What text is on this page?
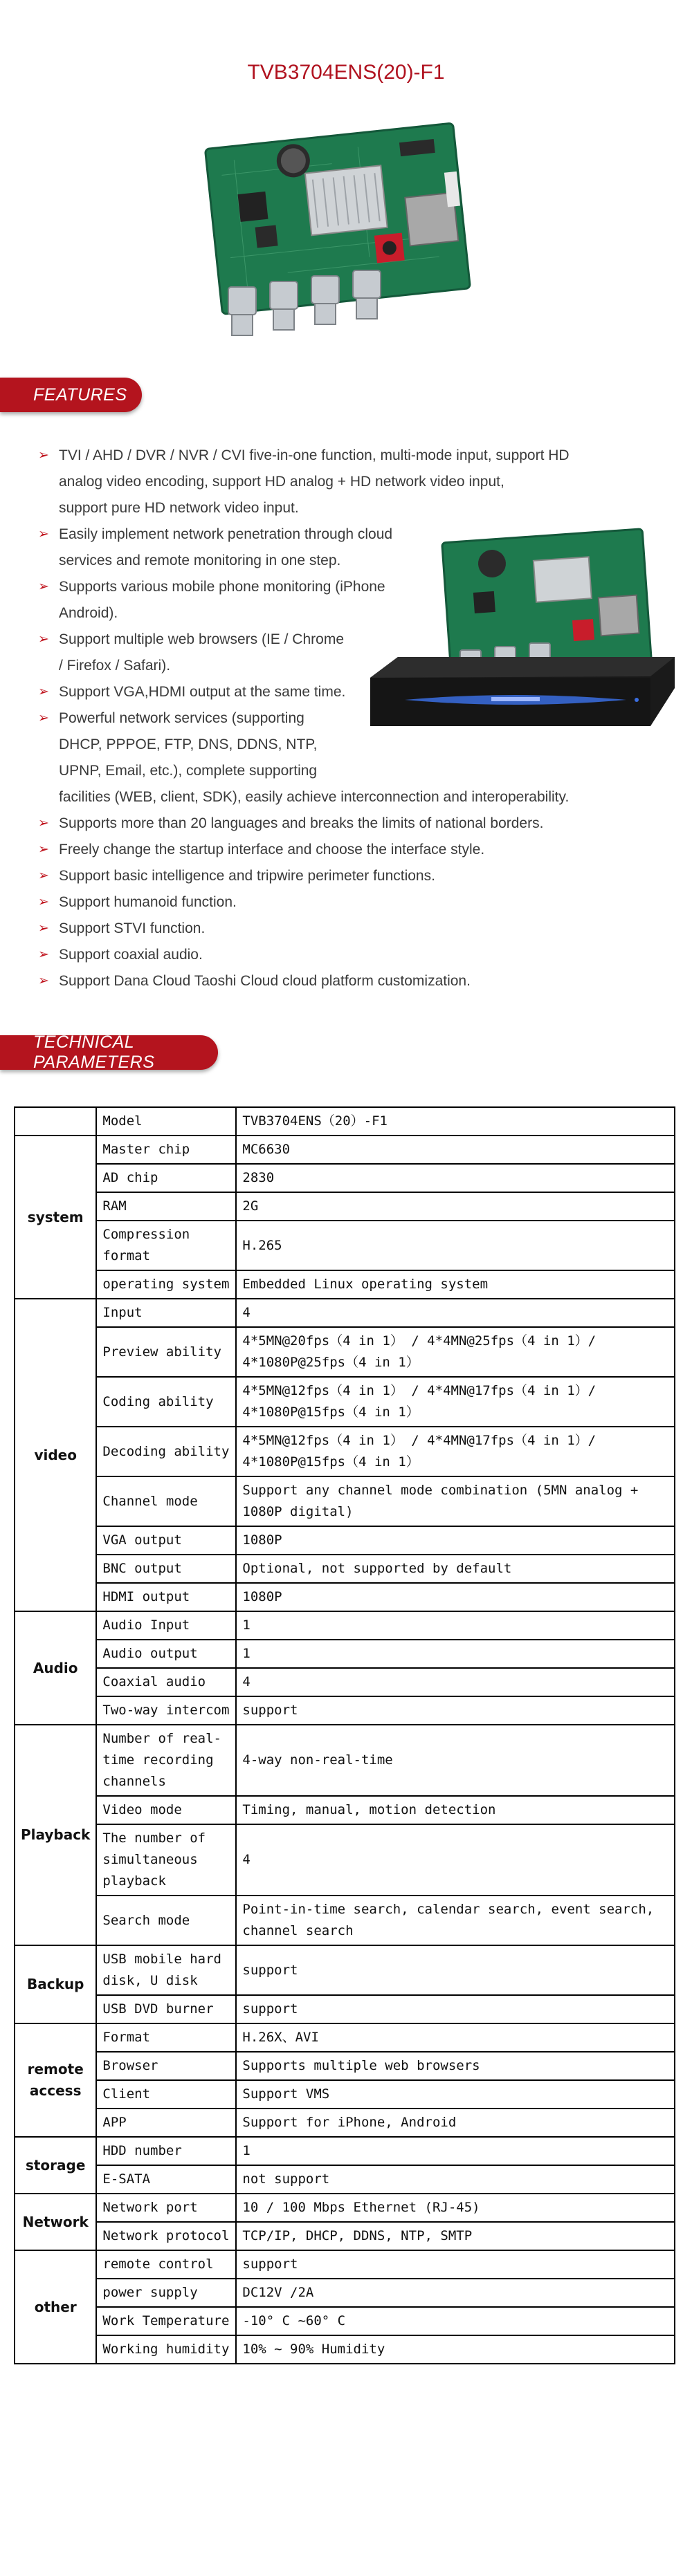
TVB3704ENS(20)-F1
FEATURES
➢ TVI / AHD / DVR / NVR / CVI five-in-one function, multi-mode input, support HD
analog video encoding, support HD analog + HD network video input,
support pure HD network video input.
➢ Easily implement network penetration through cloud
services and remote monitoring in one step.
➢ Supports various mobile phone monitoring (iPhone
Android).
➢ Support multiple web browsers (IE / Chrome
/ Firefox / Safari).
➢ Support VGA,HDMI output at the same time.
➢ Powerful network services (supporting
DHCP, PPPOE, FTP, DNS, DDNS, NTP,
UPNP, Email, etc.), complete supporting
facilities (WEB, client, SDK), easily achieve interconnection and interoperability.
➢ Supports more than 20 languages and breaks the limits of national borders.
➢ Freely change the startup interface and choose the interface style.
➢ Support basic intelligence and tripwire perimeter functions.
➢ Support humanoid function.
➢ Support STVI function.
➢ Support coaxial audio.
➢ Support Dana Cloud Taoshi Cloud cloud platform customization.
TECHNICAL PARAMETERS
	Model	TVB3704ENS（20）-F1
system	Master chip	MC6630
	AD chip	2830
	RAM	2G
	Compression format	H.265
	operating system	Embedded Linux operating system
video	Input	4
	Preview ability	4*5MN@20fps（4 in 1） / 4*4MN@25fps（4 in 1）/ 4*1080P@25fps（4 in 1）
	Coding ability	4*5MN@12fps（4 in 1） / 4*4MN@17fps（4 in 1）/ 4*1080P@15fps（4 in 1）
	Decoding ability	4*5MN@12fps（4 in 1） / 4*4MN@17fps（4 in 1）/ 4*1080P@15fps（4 in 1）
	Channel mode	Support any channel mode combination (5MN analog + 1080P digital)
	VGA output	1080P
	BNC output	Optional, not supported by default
	HDMI output	1080P
Audio	Audio Input	1
	Audio output	1
	Coaxial audio	4
	Two-way intercom	support
Playback	Number of real-time recording channels	4-way non-real-time
	Video mode	Timing, manual, motion detection
	The number of simultaneous playback	4
	Search mode	Point-in-time search, calendar search, event search, channel search
Backup	USB mobile hard disk, U disk	support
	USB DVD burner	support
remote access	Format	H.26X、AVI
	Browser	Supports multiple web browsers
	Client	Support VMS
	APP	Support for iPhone, Android
storage	HDD number	1
	E-SATA	not support
Network	Network port	10 / 100 Mbps Ethernet (RJ-45)
	Network protocol	TCP/IP, DHCP, DDNS, NTP, SMTP
other	remote control	support
	power supply	DC12V /2A
	Work Temperature	-10° C ~60° C
	Working humidity	10% ~ 90% Humidity
